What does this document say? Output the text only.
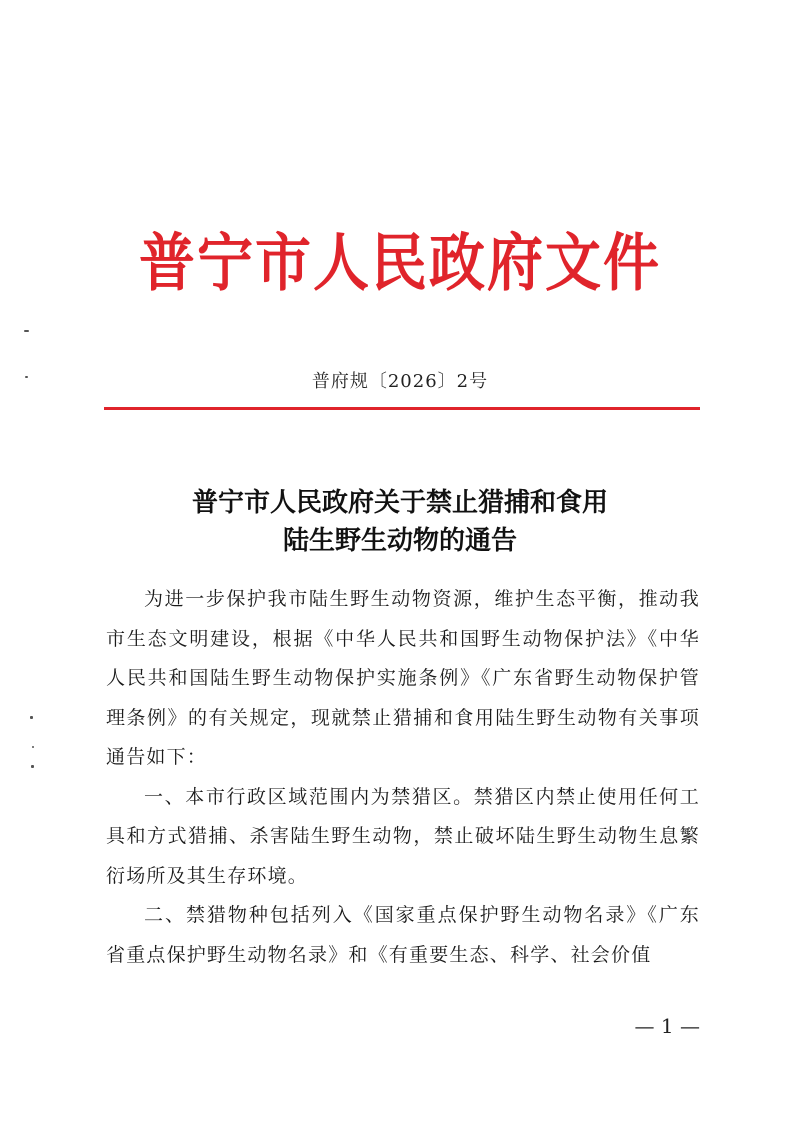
普宁市人民政府文件
普府规〔2026〕2号
普宁市人民政府关于禁止猎捕和食用
陆生野生动物的通告

为进一步保护我市陆生野生动物资源，维护生态平衡，推动我市生态文明建设，根据《中华人民共和国野生动物保护法》《中华人民共和国陆生野生动物保护实施条例》《广东省野生动物保护管理条例》的有关规定，现就禁止猎捕和食用陆生野生动物有关事项通告如下：

一、本市行政区域范围内为禁猎区。禁猎区内禁止使用任何工具和方式猎捕、杀害陆生野生动物，禁止破坏陆生野生动物生息繁衍场所及其生存环境。

二、禁猎物种包括列入《国家重点保护野生动物名录》《广东省重点保护野生动物名录》和《有重要生态、科学、社会价值

— 1 —
